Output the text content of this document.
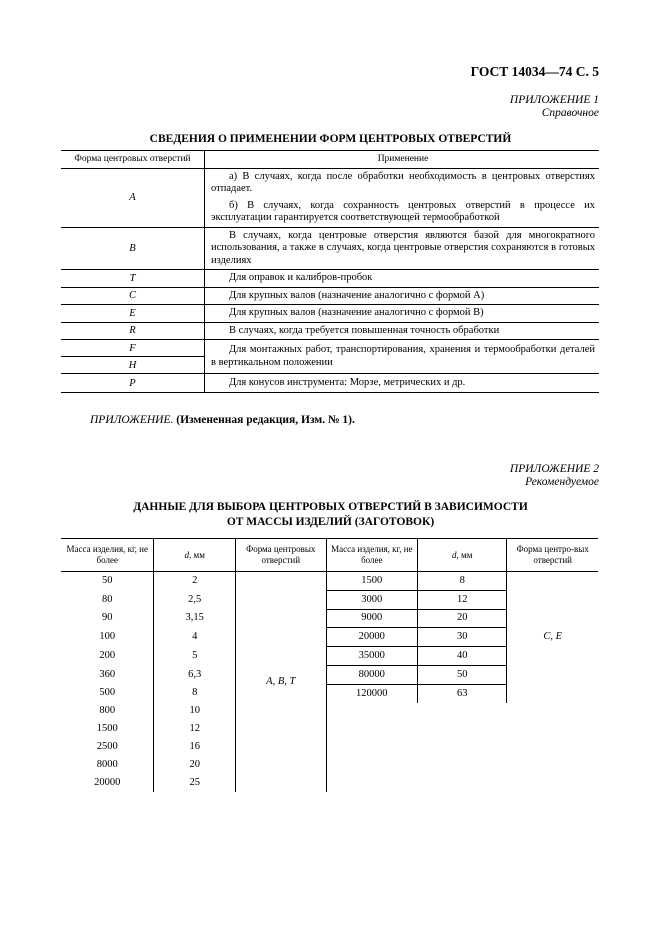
ГОСТ 14034—74 С. 5
ПРИЛОЖЕНИЕ 1
Справочное
СВЕДЕНИЯ О ПРИМЕНЕНИИ ФОРМ ЦЕНТРОВЫХ ОТВЕРСТИЙ
Форма центровых отверстий	Применение
A	а) В случаях, когда после обработки необходимость в центровых отверстиях отпадает.
б) В случаях, когда сохранность центровых отверстий в процессе их эксплуатации гарантируется соответствующей термообработкой

B	В случаях, когда центровые отверстия являются базой для многократного использования, а также в случаях, когда центровые отверстия сохраняются в готовых изделиях
T	Для оправок и калибров-пробок
C	Для крупных валов (назначение аналогично с формой А)
E	Для крупных валов (назначение аналогично с формой В)
R	В случаях, когда требуется повышенная точность обработки
F	Для монтажных работ, транспортирования, хранения и термообработки деталей в вертикальном положении
H	
P	Для конусов инструмента: Морзе, метрических и др.
ПРИЛОЖЕНИЕ. (Измененная редакция, Изм. № 1).
ПРИЛОЖЕНИЕ 2
Рекомендуемое
ДАННЫЕ ДЛЯ ВЫБОРА ЦЕНТРОВЫХ ОТВЕРСТИЙ В ЗАВИСИМОСТИ
ОТ МАССЫ ИЗДЕЛИЙ (ЗАГОТОВОК)
Масса изделия, кг, не более	d, мм	Форма центровых отверстий	Масса изделия, кг, не более	d, мм	Форма центро-вых отверстий
50	2	A, B, T	1500	8	C, E
80	2,5		3000	12	
90	3,15		9000	20	
100	4		20000	30	
200	5		35000	40	
360	6,3		80000	50	
500	8		120000	63	
800	10				
1500	12				
2500	16				
8000	20				
20000	25				
